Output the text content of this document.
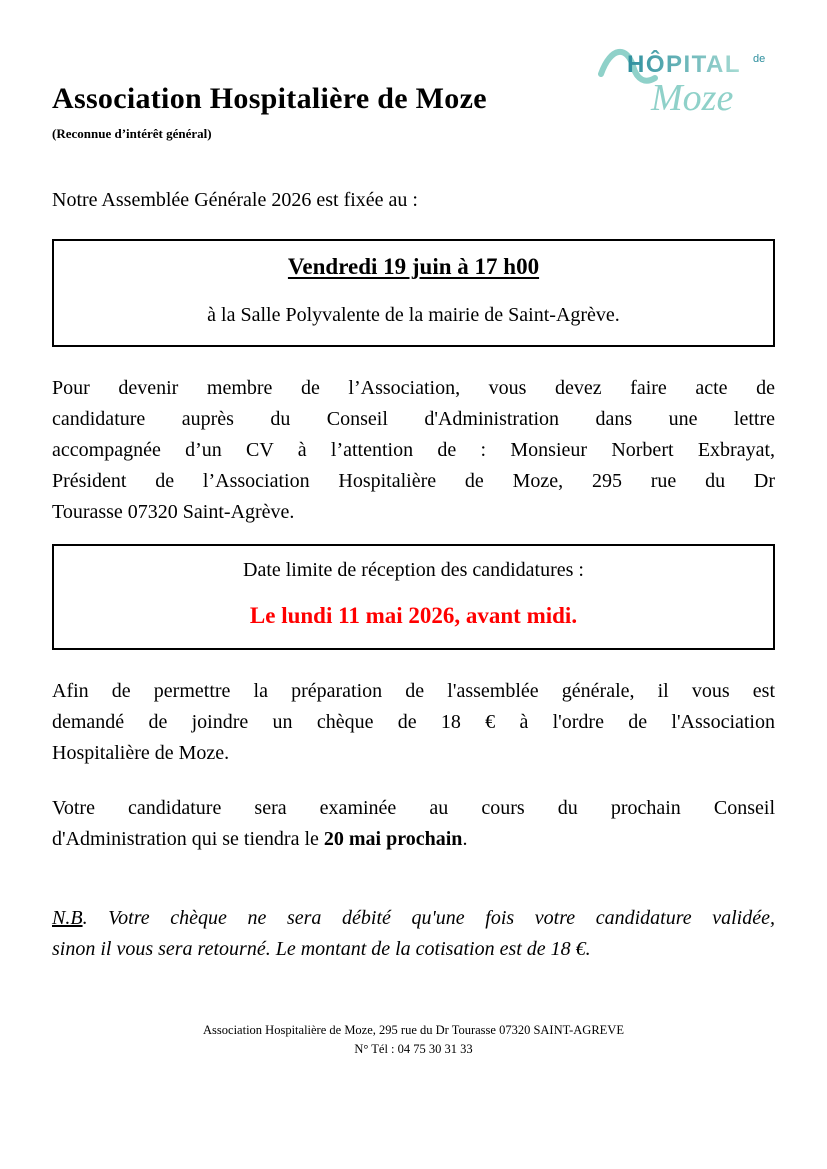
HÔPITAL de
Moze
Association Hospitalière de Moze
(Reconnue d’intérêt général)

Notre Assemblée Générale 2026 est fixée au :

Vendredi 19 juin à 17 h00
à la Salle Polyvalente de la mairie de Saint-Agrève.
Pour devenir membre de l’Association, vous devez faire acte de
candidature auprès du Conseil d'Administration dans une lettre
accompagnée d’un CV à l’attention de : Monsieur Norbert Exbrayat,
Président de l’Association Hospitalière de Moze, 295 rue du Dr
Tourasse 07320 Saint-Agrève.
Date limite de réception des candidatures :
Le lundi 11 mai 2026, avant midi.
Afin de permettre la préparation de l'assemblée générale, il vous est
demandé de joindre un chèque de 18 € à l'ordre de l'Association
Hospitalière de Moze.
Votre candidature sera examinée au cours du prochain Conseil
d'Administration qui se tiendra le 20 mai prochain.
N.B. Votre chèque ne sera débité qu'une fois votre candidature validée,
sinon il vous sera retourné. Le montant de la cotisation est de 18 €.
Association Hospitalière de Moze, 295 rue du Dr Tourasse 07320 SAINT-AGREVE
N° Tél : 04 75 30 31 33
